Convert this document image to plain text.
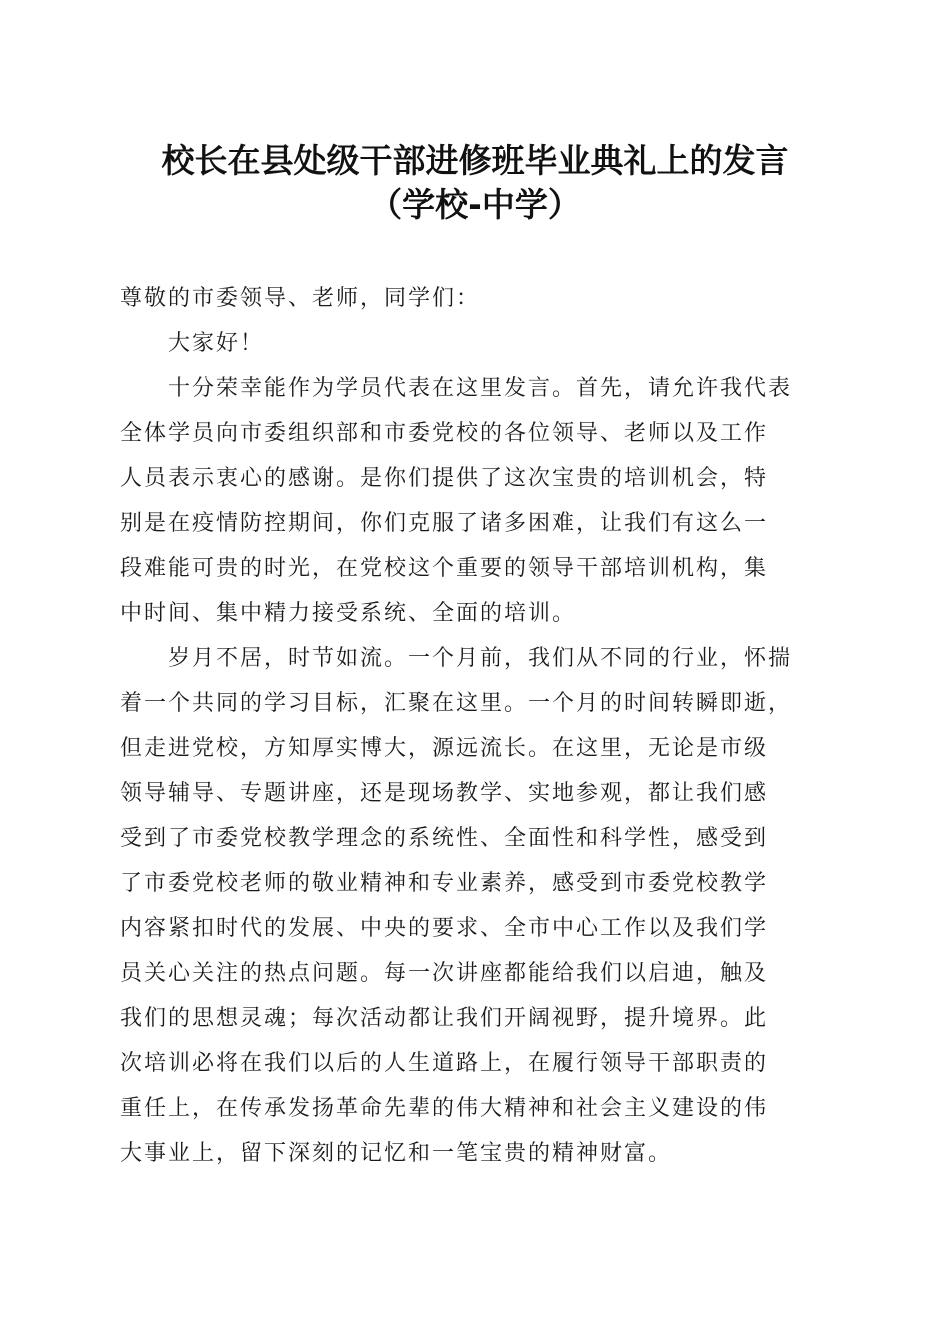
校长在县处级干部进修班毕业典礼上的发言
（学校-中学）
尊敬的市委领导、老师，同学们：
大家好！
十分荣幸能作为学员代表在这里发言。首先，请允许我代表
全体学员向市委组织部和市委党校的各位领导、老师以及工作
人员表示衷心的感谢。是你们提供了这次宝贵的培训机会，特
别是在疫情防控期间，你们克服了诸多困难，让我们有这么一
段难能可贵的时光，在党校这个重要的领导干部培训机构，集
中时间、集中精力接受系统、全面的培训。
岁月不居，时节如流。一个月前，我们从不同的行业，怀揣
着一个共同的学习目标，汇聚在这里。一个月的时间转瞬即逝，
但走进党校，方知厚实博大，源远流长。在这里，无论是市级
领导辅导、专题讲座，还是现场教学、实地参观，都让我们感
受到了市委党校教学理念的系统性、全面性和科学性，感受到
了市委党校老师的敬业精神和专业素养，感受到市委党校教学
内容紧扣时代的发展、中央的要求、全市中心工作以及我们学
员关心关注的热点问题。每一次讲座都能给我们以启迪，触及
我们的思想灵魂；每次活动都让我们开阔视野，提升境界。此
次培训必将在我们以后的人生道路上，在履行领导干部职责的
重任上，在传承发扬革命先辈的伟大精神和社会主义建设的伟
大事业上，留下深刻的记忆和一笔宝贵的精神财富。
